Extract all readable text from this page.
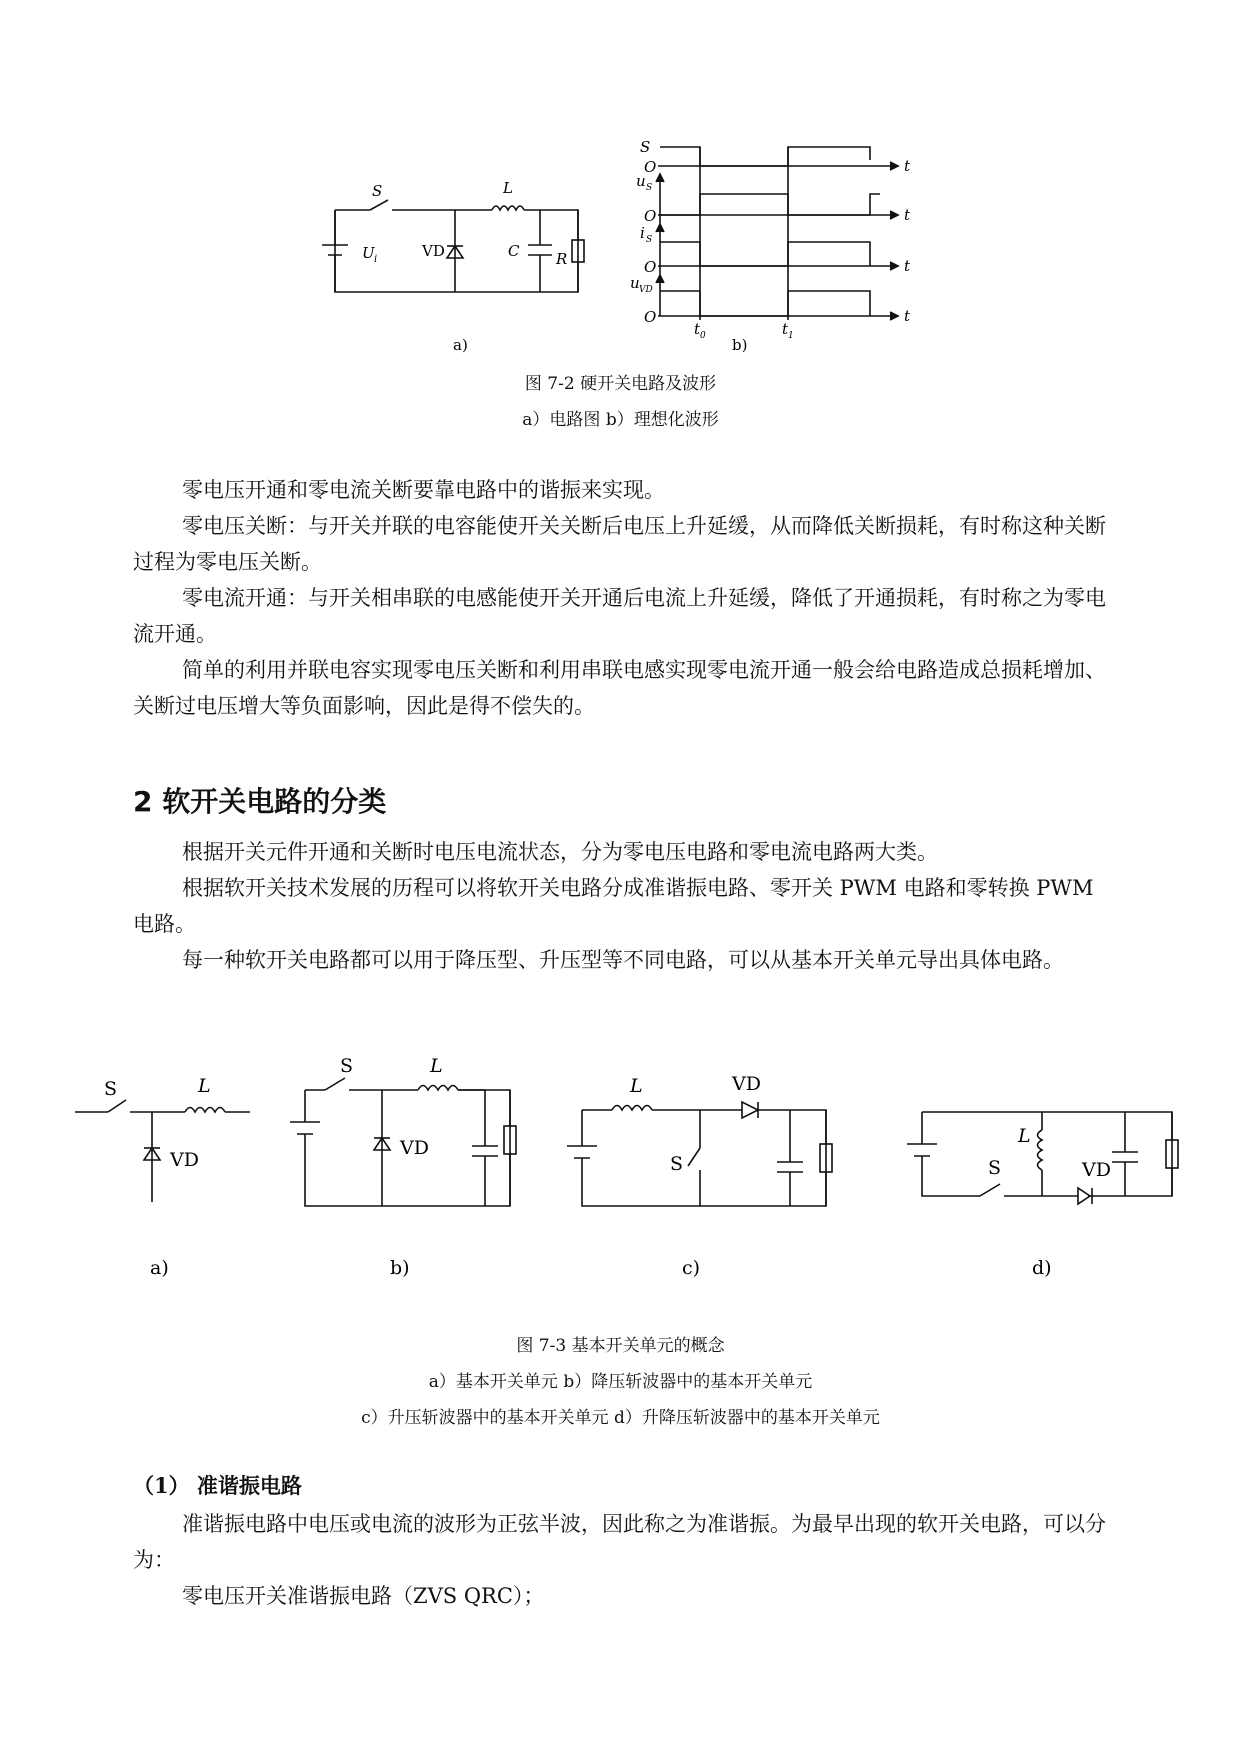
S	L
U i	VD	C R
a)
S
O	t
u S
O	t
i S
O	t
u VD
O	t
t 0	t 1
b)
图 7-2 硬开关电路及波形
a）电路图 b）理想化波形

零电压开通和零电流关断要靠电路中的谐振来实现。

零电压关断：与开关并联的电容能使开关关断后电压上升延缓，从而降低关断损耗，有时称这种关断过程为零电压关断。

零电流开通：与开关相串联的电感能使开关开通后电流上升延缓，降低了开通损耗，有时称之为零电流开通。

简单的利用并联电容实现零电压关断和利用串联电感实现零电流开通一般会给电路造成总损耗增加、关断过电压增大等负面影响，因此是得不偿失的。

2 软开关电路的分类

根据开关元件开通和关断时电压电流状态，分为零电压电路和零电流电路两大类。

根据软开关技术发展的历程可以将软开关电路分成准谐振电路、零开关 PWM 电路和零转换 PWM 电路。

每一种软开关电路都可以用于降压型、升压型等不同电路，可以从基本开关单元导出具体电路。

S	L
VD
S	L
VD
L	VD
S
L
S	VD
a)	b)	c)	d)
图 7-3 基本开关单元的概念
a）基本开关单元 b）降压斩波器中的基本开关单元
c）升压斩波器中的基本开关单元 d）升降压斩波器中的基本开关单元
（1） 准谐振电路

准谐振电路中电压或电流的波形为正弦半波，因此称之为准谐振。为最早出现的软开关电路，可以分为：

零电压开关准谐振电路（ZVS QRC）；
